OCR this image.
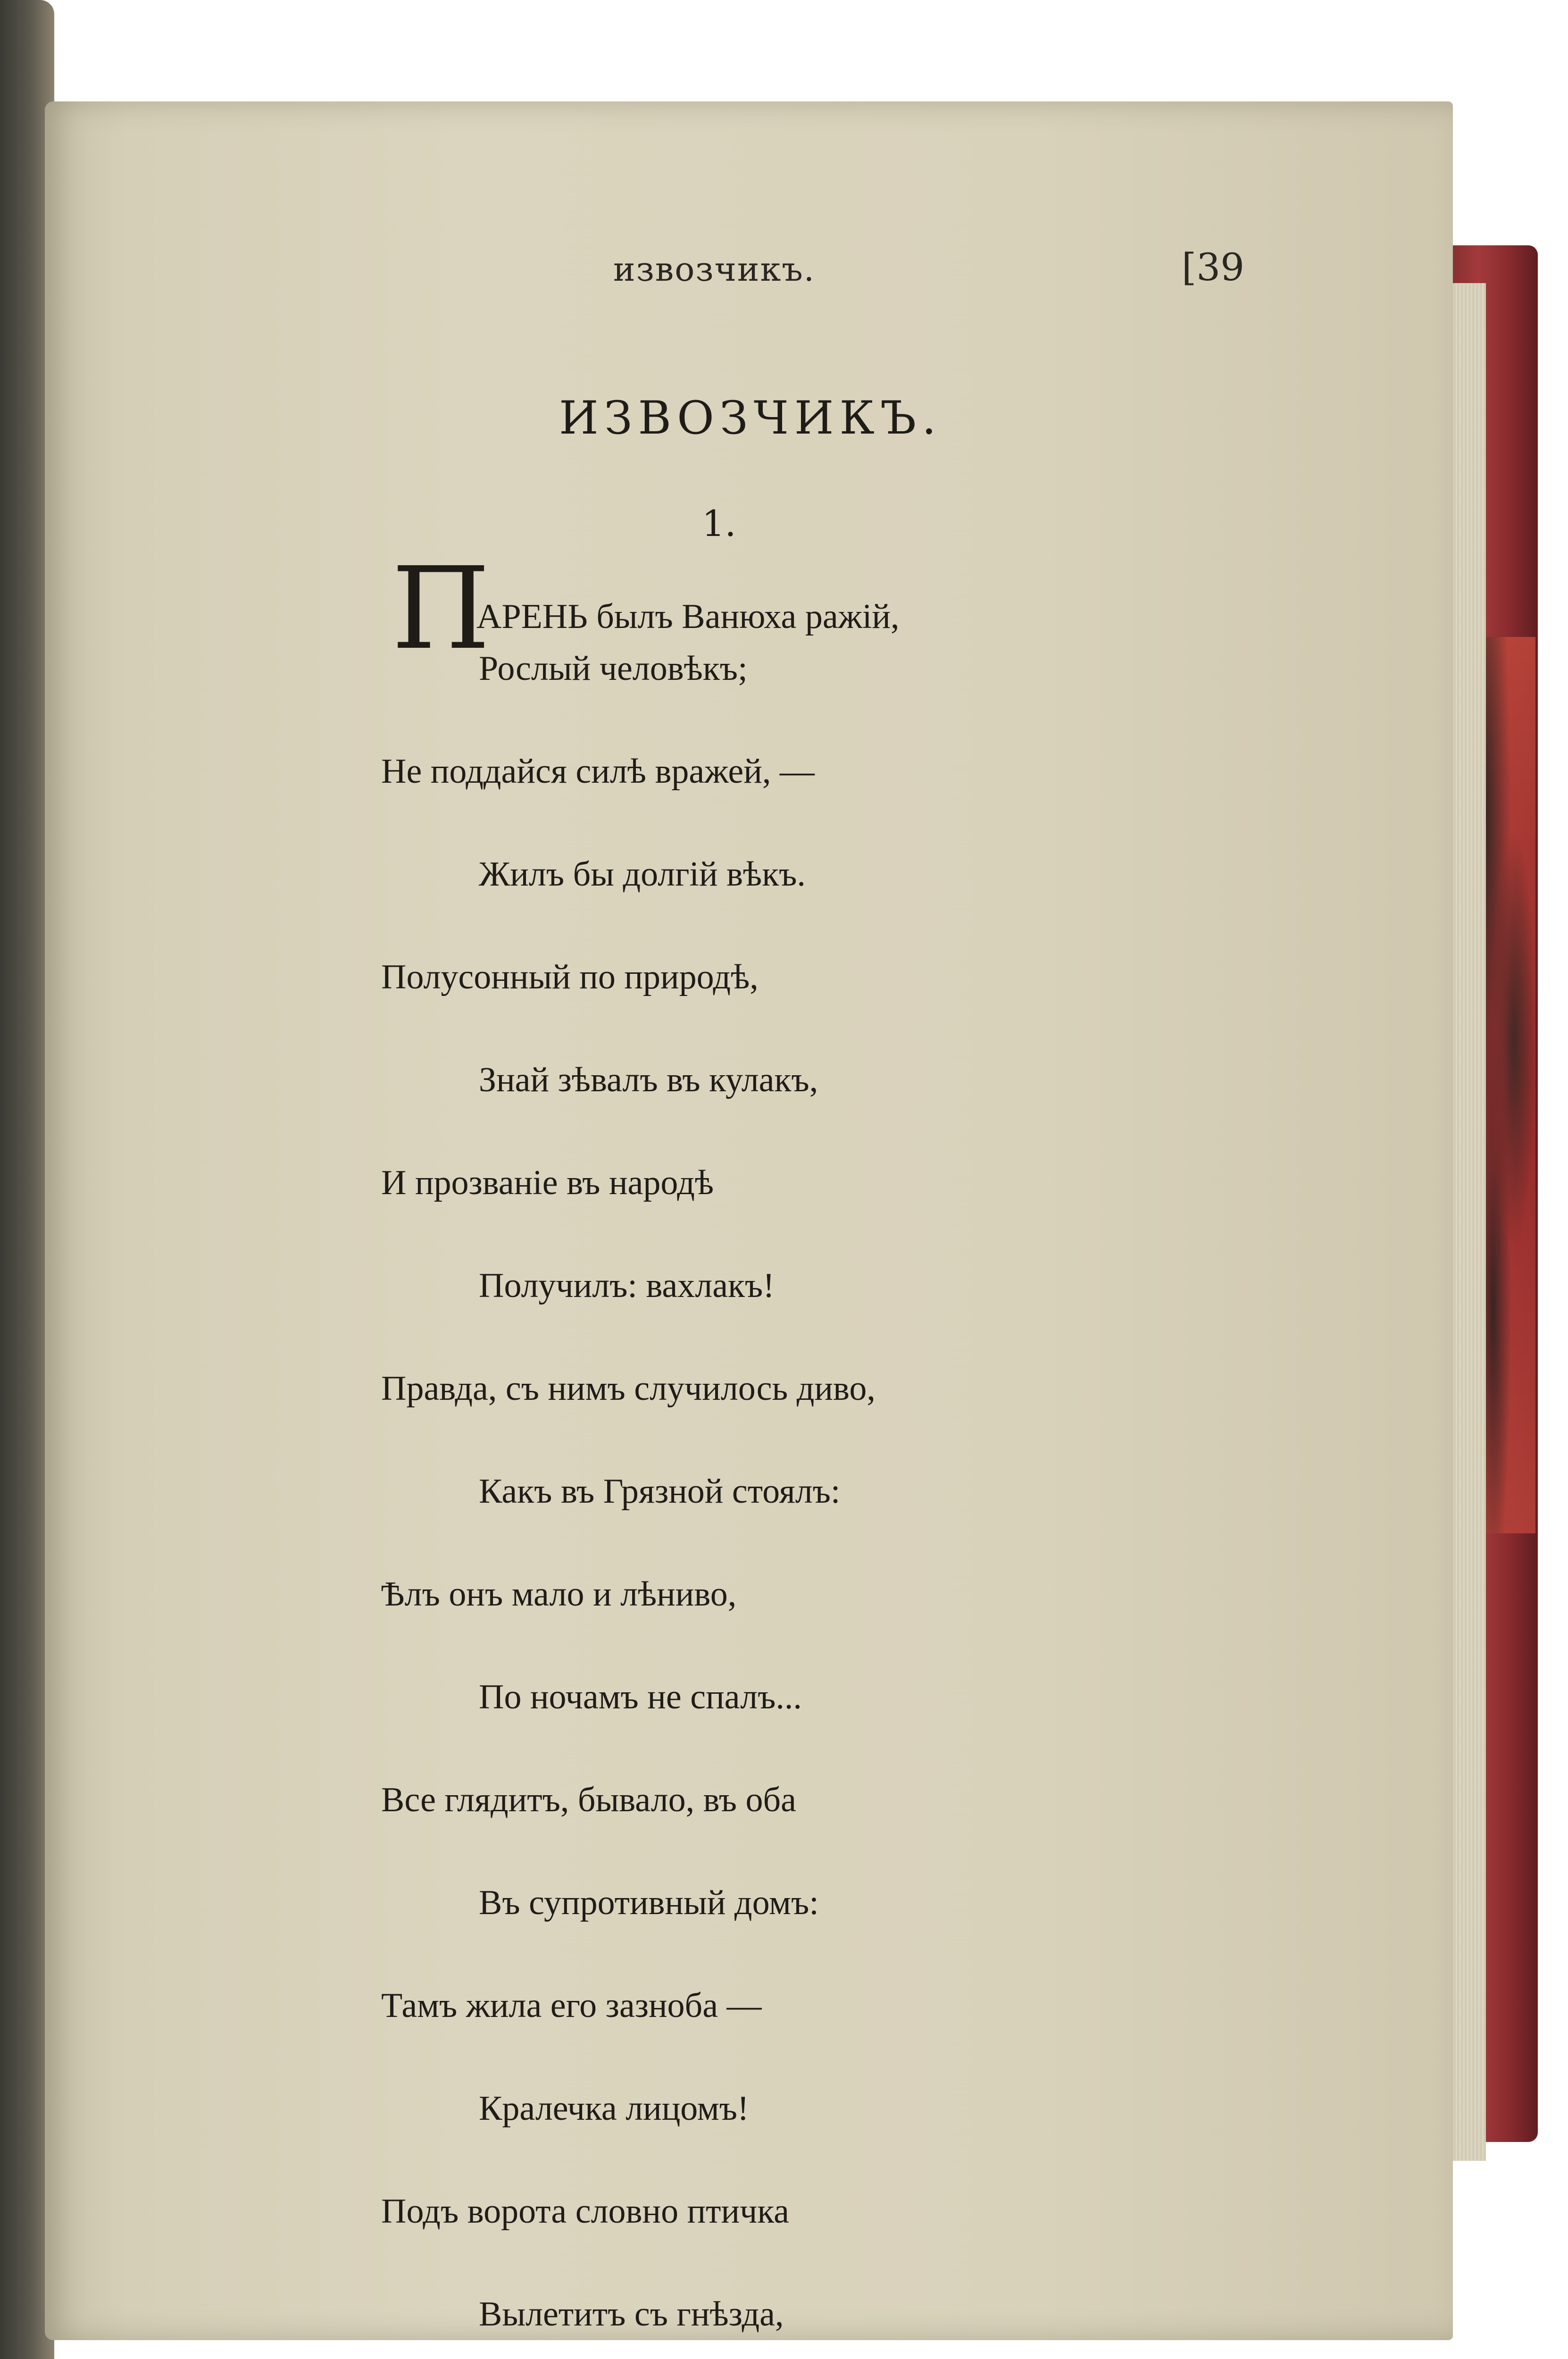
извозчикъ.	[39
ИЗВОЗЧИКЪ.
1.
П
АРЕНЬ былъ Ванюха ражiй,
Рослый человѣкъ;
Не поддайся силѣ вражей, —
Жилъ бы долгiй вѣкъ.
Полусонный по природѣ,
Знай зѣвалъ въ кулакъ,
И прозванiе въ народѣ
Получилъ: вахлакъ!
Правда, съ нимъ случилось диво,
Какъ въ Грязной стоялъ:
Ѣлъ онъ мало и лѣниво,
По ночамъ не спалъ...
Все глядитъ, бывало, въ оба
Въ супротивный домъ:
Тамъ жила его зазноба —
Кралечка лицомъ!
Подъ ворота словно птичка
Вылетитъ съ гнѣзда,
